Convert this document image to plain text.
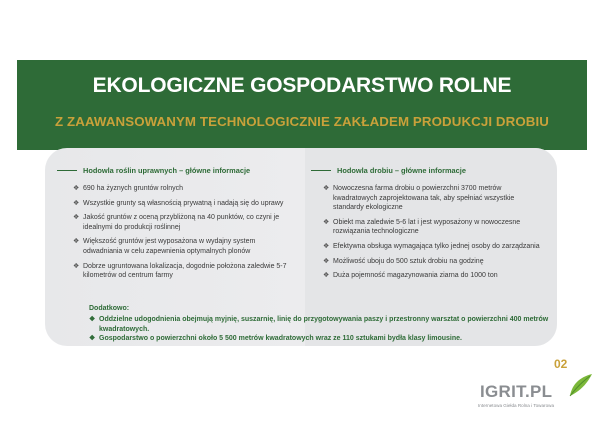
EKOLOGICZNE GOSPODARSTWO ROLNE
Z ZAAWANSOWANYM TECHNOLOGICZNIE ZAKŁADEM PRODUKCJI DROBIU
Hodowla roślin uprawnych – główne informacje	Hodowla drobiu – główne informacje
❖ 690 ha żyznych gruntów rolnych
❖ Wszystkie grunty są własnością prywatną i nadają się do uprawy
❖ Jakość gruntów z oceną przybliżoną na 40 punktów, co czyni je idealnymi do produkcji roślinnej
❖ Większość gruntów jest wyposażona w wydajny system odwadniania w celu zapewnienia optymalnych plonów
❖ Dobrze ugruntowana lokalizacja, dogodnie położona zaledwie 5-7 kilometrów od centrum farmy
❖ Nowoczesna farma drobiu o powierzchni 3700 metrów kwadratowych zaprojektowana tak, aby spełniać wszystkie standardy ekologiczne
❖ Obiekt ma zaledwie 5-6 lat i jest wyposażony w nowoczesne rozwiązania technologiczne
❖ Efektywna obsługa wymagająca tylko jednej osoby do zarządzania
❖ Możliwość uboju do 500 sztuk drobiu na godzinę
❖ Duża pojemność magazynowania ziarna do 1000 ton
Dodatkowo:
❖ Oddzielne udogodnienia obejmują myjnię, suszarnię, linię do przygotowywania paszy i przestronny warsztat o powierzchni 400 metrów kwadratowych.
❖ Gospodarstwo o powierzchni około 5 500 metrów kwadratowych wraz ze 110 sztukami bydła klasy limousine.
02
IGRIT.PL
Internetowa Giełda Rolna i Towarowa
